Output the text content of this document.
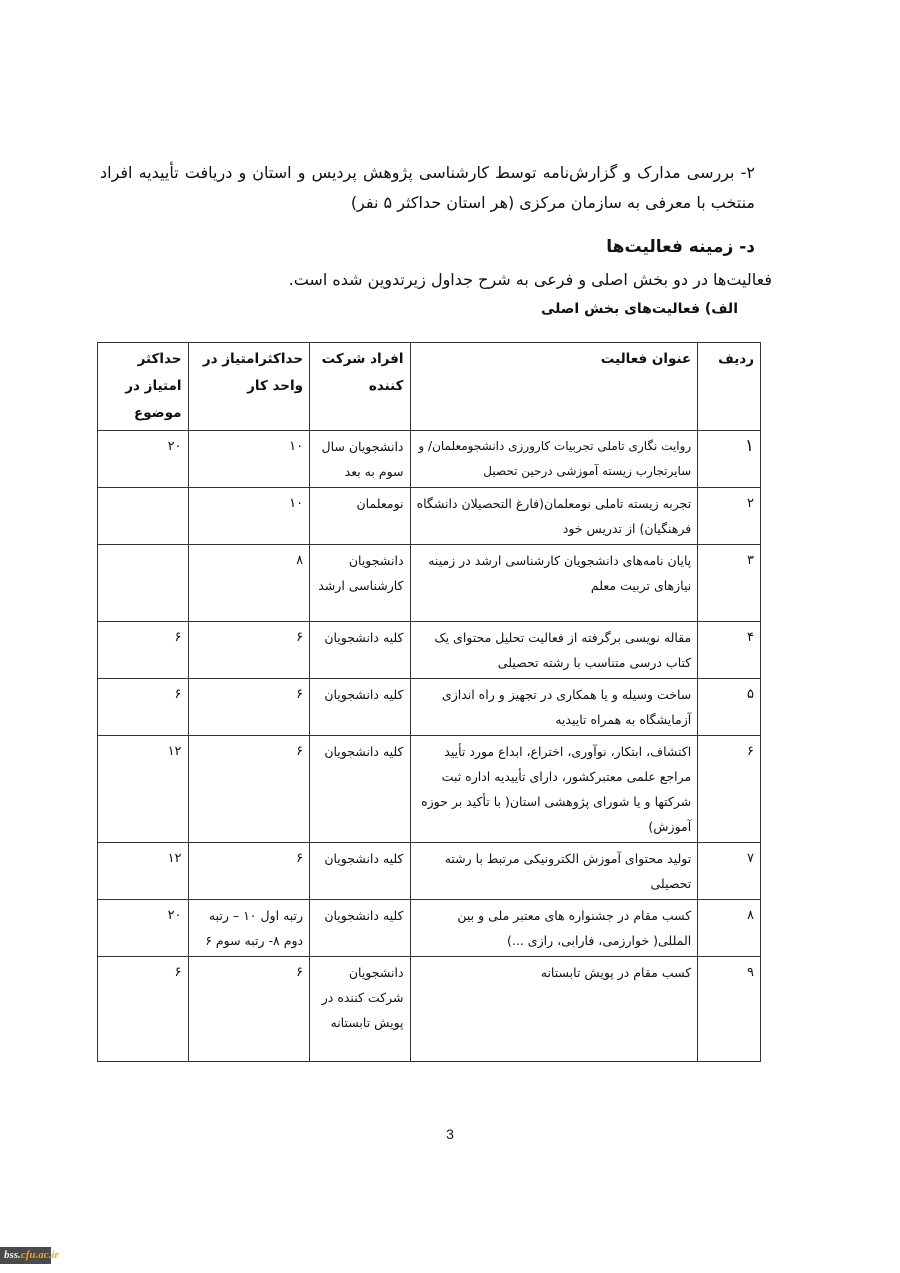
۲- بررسی مدارک و گزارش‌نامه توسط کارشناسی پژوهش پردیس و استان و دریافت تأییدیه افراد منتخب با معرفی به سازمان مرکزی (هر استان حداکثر ۵ نفر)
د- زمینه فعالیت‌ها
فعالیت‌ها در دو بخش اصلی و فرعی به شرح جداول زیرتدوین شده است.
الف) فعالیت‌های بخش اصلی
ردیف	عنوان فعالیت	افراد شرکت کننده	حداکثرامتیاز در واحد کار	حداکثر امتیاز در موضوع
۱	روایت نگاری تاملی تجربیات کارورزی دانشجومعلمان/ و سایرتجارب زیسته آموزشی درحین تحصیل	دانشجویان سال سوم به بعد	۱۰	۲۰
۲	تجربه زیسته تاملی نومعلمان(فارغ التحصیلان دانشگاه فرهنگیان) از تدریس خود	نومعلمان	۱۰	
۳	پایان نامه‌های دانشجویان کارشناسی ارشد در زمینه نیازهای تربیت معلم	دانشجویان کارشناسی ارشد	۸	
۴	مقاله نویسی برگرفته از فعالیت تحلیل محتوای یک کتاب درسی متناسب با رشته تحصیلی	کلیه دانشجویان	۶	۶
۵	ساخت وسیله و یا همکاری در تجهیز و راه اندازی آزمایشگاه به همراه تاییدیه	کلیه دانشجویان	۶	۶
۶	اکتشاف، ابتکار، نوآوری، اختراع، ابداع مورد تأیید مراجع علمی معتبرکشور، دارای تأییدیه اداره ثبت شرکتها و یا شورای پژوهشی استان( با تأکید بر حوزه آموزش)	کلیه دانشجویان	۶	۱۲
۷	تولید محتوای آموزش الکترونیکی مرتبط با رشته تحصیلی	کلیه دانشجویان	۶	۱۲
۸	کسب مقام در جشنواره های معتبر ملی و بین المللی( خوارزمی، فارابی، رازی ...)	کلیه دانشجویان	رتبه اول ۱۰ – رتبه دوم ۸- رتبه سوم ۶	۲۰
۹	کسب مقام در پویش تابستانه	دانشجویان شرکت کننده در پویش تابستانه	۶	۶
3
bss.cfu.ac.ir
